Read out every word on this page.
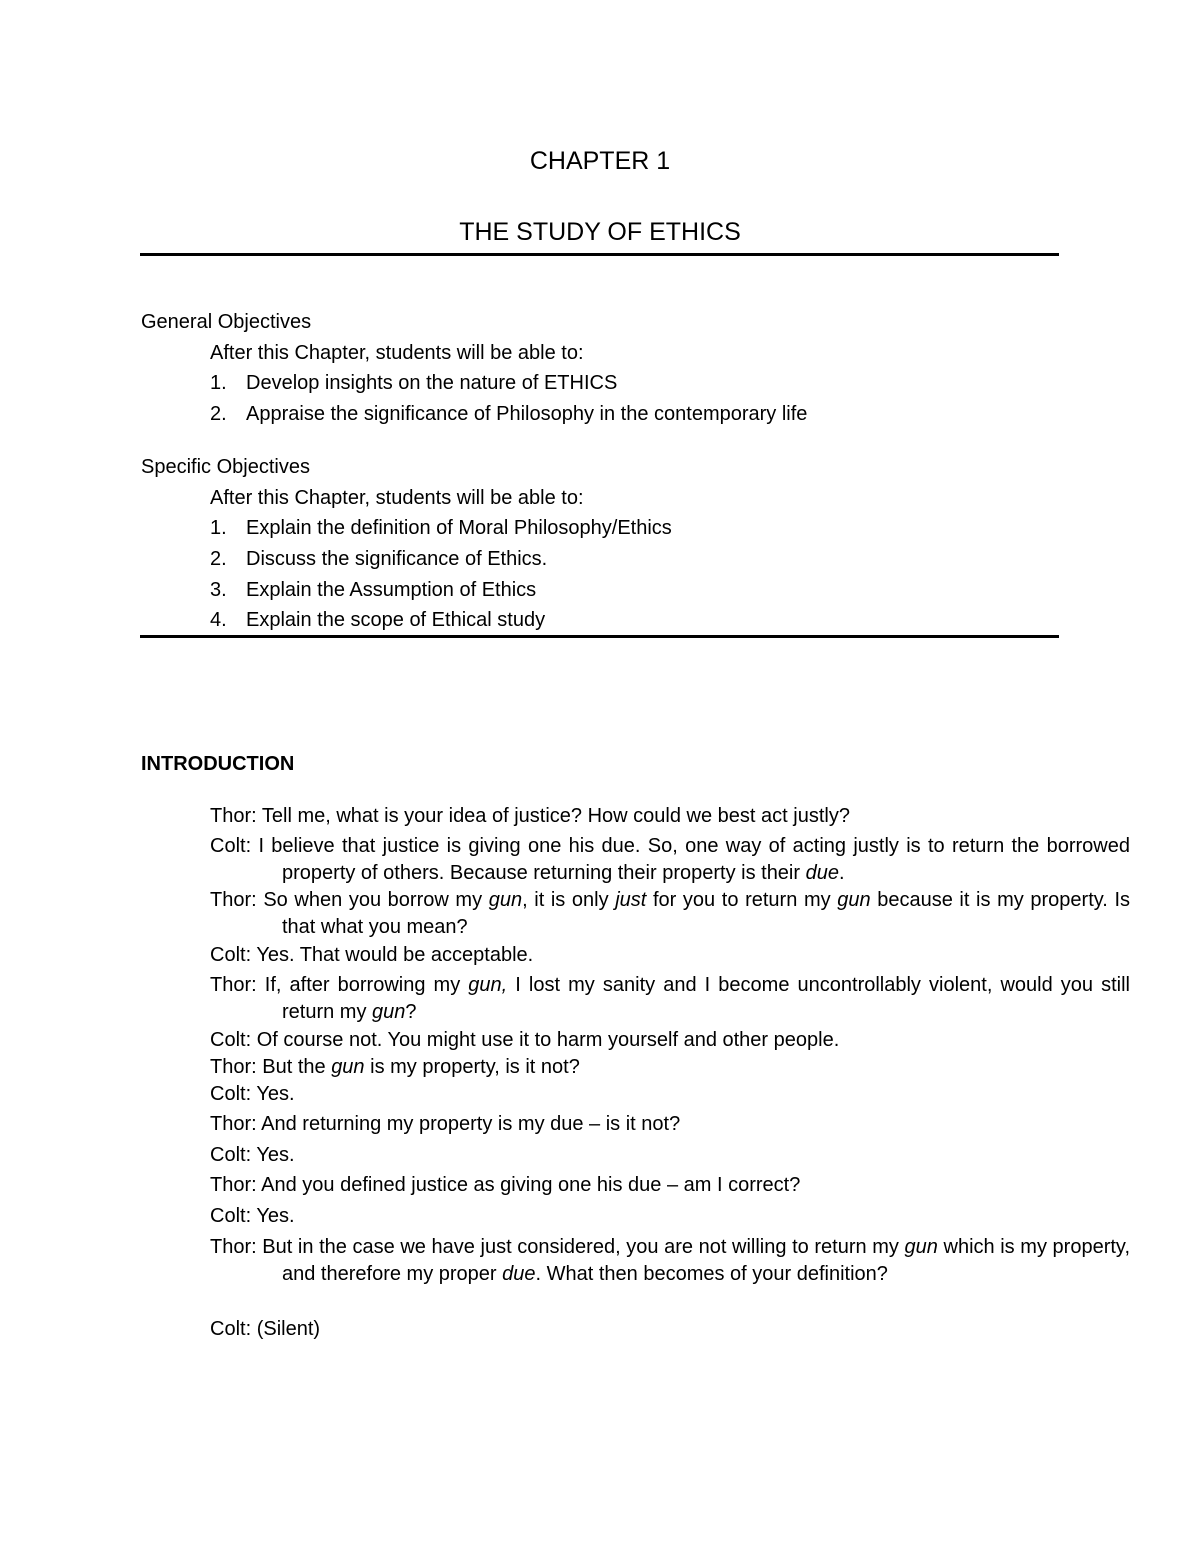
CHAPTER 1
THE STUDY OF ETHICS
General Objectives
After this Chapter, students will be able to:
1. Develop insights on the nature of ETHICS
2. Appraise the significance of Philosophy in the contemporary life
Specific Objectives
After this Chapter, students will be able to:
1. Explain the definition of Moral Philosophy/Ethics
2. Discuss the significance of Ethics.
3. Explain the Assumption of Ethics
4. Explain the scope of Ethical study
INTRODUCTION
Thor: Tell me, what is your idea of justice? How could we best act justly?
Colt: I believe that justice is giving one his due. So, one way of acting justly is to return the borrowed property of others. Because returning their property is their due.
Thor: So when you borrow my gun, it is only just for you to return my gun because it is my property. Is that what you mean?
Colt: Yes. That would be acceptable.
Thor: If, after borrowing my gun, I lost my sanity and I become uncontrollably violent, would you still return my gun?
Colt: Of course not. You might use it to harm yourself and other people.
Thor: But the gun is my property, is it not?
Colt: Yes.
Thor: And returning my property is my due – is it not?
Colt: Yes.
Thor: And you defined justice as giving one his due – am I correct?
Colt: Yes.
Thor: But in the case we have just considered, you are not willing to return my gun which is my property, and therefore my proper due. What then becomes of your definition?
Colt: (Silent)
